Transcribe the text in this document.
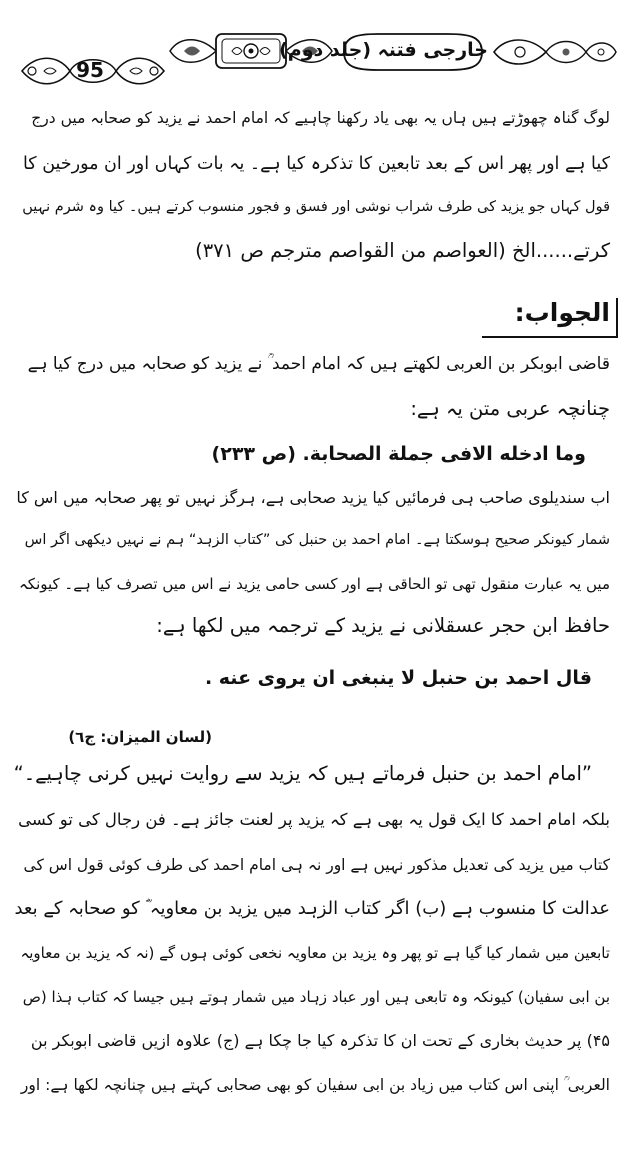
95
خارجی فتنہ (جلد دوم)
لوگ گناہ چھوڑتے ہیں ہاں یہ بھی یاد رکھنا چاہیے کہ امام احمد نے یزید کو صحابہ میں درج
کیا ہے اور پھر اس کے بعد تابعین کا تذکرہ کیا ہے۔ یہ بات کہاں اور ان مورخین کا
قول کہاں جو یزید کی طرف شراب نوشی اور فسق و فجور منسوب کرتے ہیں۔ کیا وہ شرم نہیں
کرتے......الخ (العواصم من القواصم مترجم ص ۳۷۱)
الجواب:
قاضی ابوبکر بن العربی لکھتے ہیں کہ امام احمد ؒ نے یزید کو صحابہ میں درج کیا ہے
چنانچہ عربی متن یہ ہے:
وما ادخله الافی جملة الصحابة. (ص ۲۳۳)
اب سندیلوی صاحب ہی فرمائیں کیا یزید صحابی ہے، ہرگز نہیں تو پھر صحابہ میں اس کا
شمار کیونکر صحیح ہوسکتا ہے۔ امام احمد بن حنبل کی ”کتاب الزہد“ ہم نے نہیں دیکھی اگر اس
میں یہ عبارت منقول تھی تو الحاقی ہے اور کسی حامی یزید نے اس میں تصرف کیا ہے۔ کیونکہ
حافظ ابن حجر عسقلانی نے یزید کے ترجمہ میں لکھا ہے:
قال احمد بن حنبل لا ينبغی ان يروی عنه .
(لسان الميزان: ج٦)
”امام احمد بن حنبل فرماتے ہیں کہ یزید سے روایت نہیں کرنی چاہیے۔“
بلکہ امام احمد کا ایک قول یہ بھی ہے کہ یزید پر لعنت جائز ہے۔ فن رجال کی تو کسی
کتاب میں یزید کی تعدیل مذکور نہیں ہے اور نہ ہی امام احمد کی طرف کوئی قول اس کی
عدالت کا منسوب ہے (ب) اگر کتاب الزہد میں یزید بن معاویہ ؓ کو صحابہ کے بعد
تابعین میں شمار کیا گیا ہے تو پھر وہ یزید بن معاویہ نخعی کوئی ہوں گے (نہ کہ یزید بن معاویہ
بن ابی سفیان) کیونکہ وہ تابعی ہیں اور عباد زہاد میں شمار ہوتے ہیں جیسا کہ کتاب ہذا (ص
۴۵) پر حدیث بخاری کے تحت ان کا تذکرہ کیا جا چکا ہے (ج) علاوہ ازیں قاضی ابوبکر بن
العربی ؒ اپنی اس کتاب میں زیاد بن ابی سفیان کو بھی صحابی کہتے ہیں چنانچہ لکھا ہے: اور
